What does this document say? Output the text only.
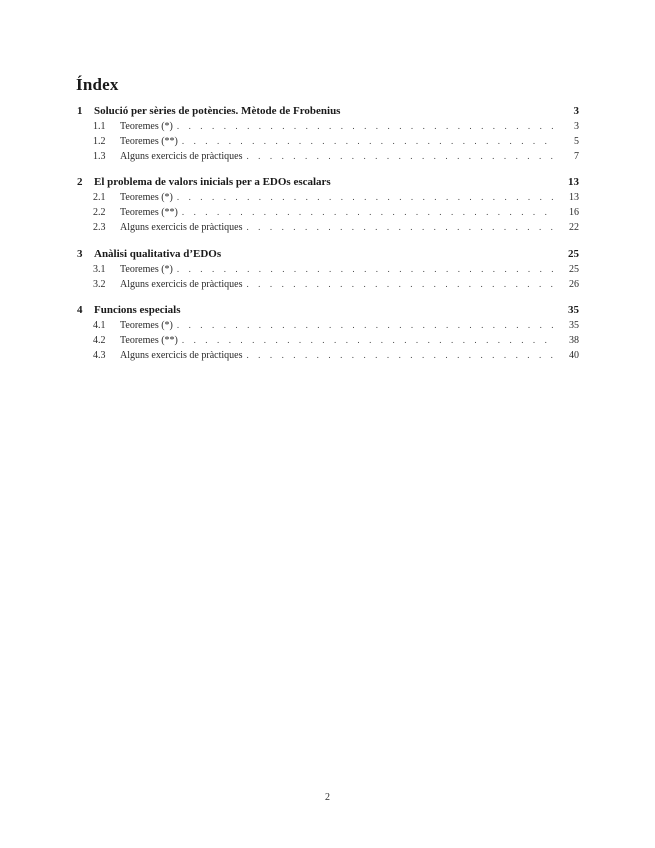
Índex
1	Solució per sèries de potències. Mètode de Frobenius	3
1.1	Teoremes (*) . . .	3
1.2	Teoremes (**) . . .	5
1.3	Alguns exercicis de pràctiques . . .	7
2	El problema de valors inicials per a EDOs escalars	13
2.1	Teoremes (*) . . .	13
2.2	Teoremes (**) . . .	16
2.3	Alguns exercicis de pràctiques . . .	22
3	Anàlisi qualitativa d’EDOs	25
3.1	Teoremes (*) . . .	25
3.2	Alguns exercicis de pràctiques . . .	26
4	Funcions especials	35
4.1	Teoremes (*) . . .	35
4.2	Teoremes (**) . . .	38
4.3	Alguns exercicis de pràctiques . . .	40
2
